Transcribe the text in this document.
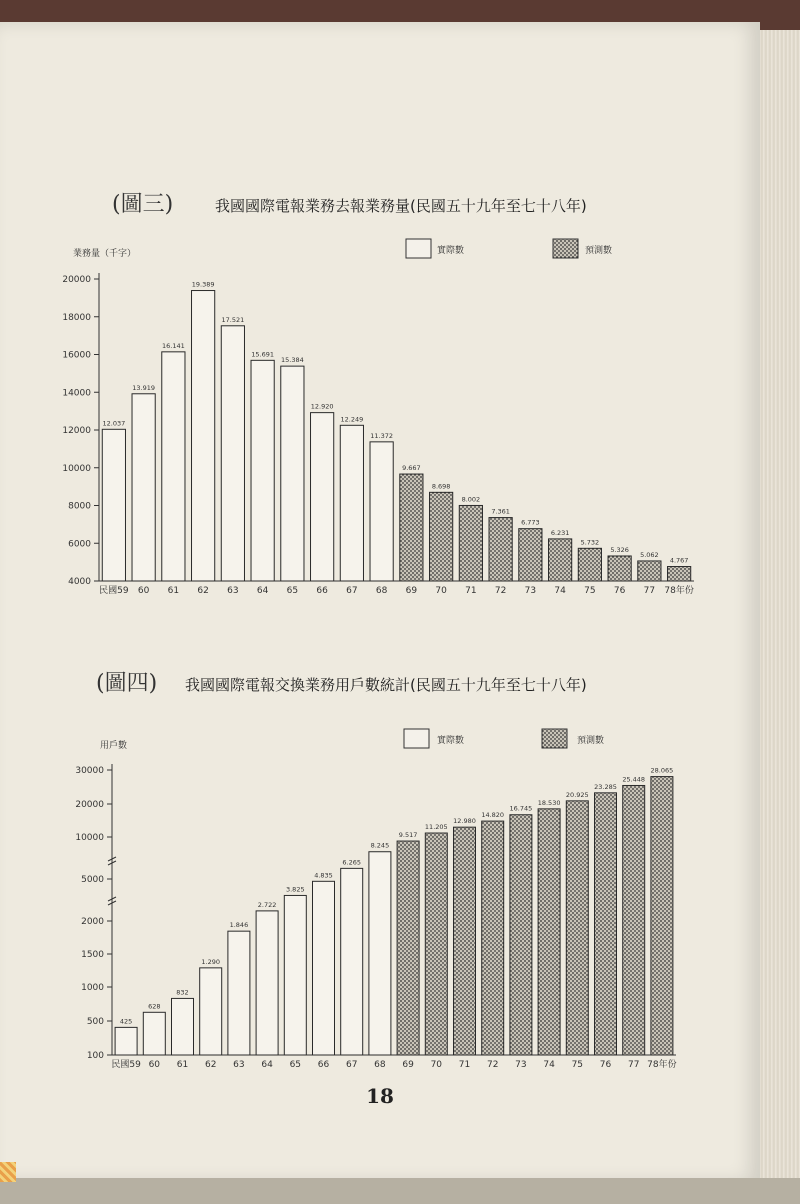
(圖三)	我國國際電報業務去報業務量(民國五十九年至七十八年)
業務量（千字）	實際數	預測數
20000
18000
16000
14000
12000
10000
8000
6000
4000
12.037
民國59
13.919
60
16.141
61
19.389
62
17.521
63
15.691
64
15.384
65
12.920
66
12.249
67
11.372
68
9.667
69
8.698
70
8.002
71
7.361
72
6.773
73
6.231
74
5.732
75
5.326
76
5.062
77
4.767
78年份
(圖四) 我國國際電報交換業務用戶數統計(民國五十九年至七十八年)
用戶數	實際數	預測數
30000
20000
10000
5000
2000
1500
1000
500
100
425
民國59
628
60
832
61
1.290
62
1.846
63
2.722
64
3.825
65
4.835
66
6.265
67
8.245
68
9.517
69
11.205
70
12.980
71
14.820
72
16.745
73
18.530
74
20.925
75
23.285
76
25.448
77
28.065
78年份
18
